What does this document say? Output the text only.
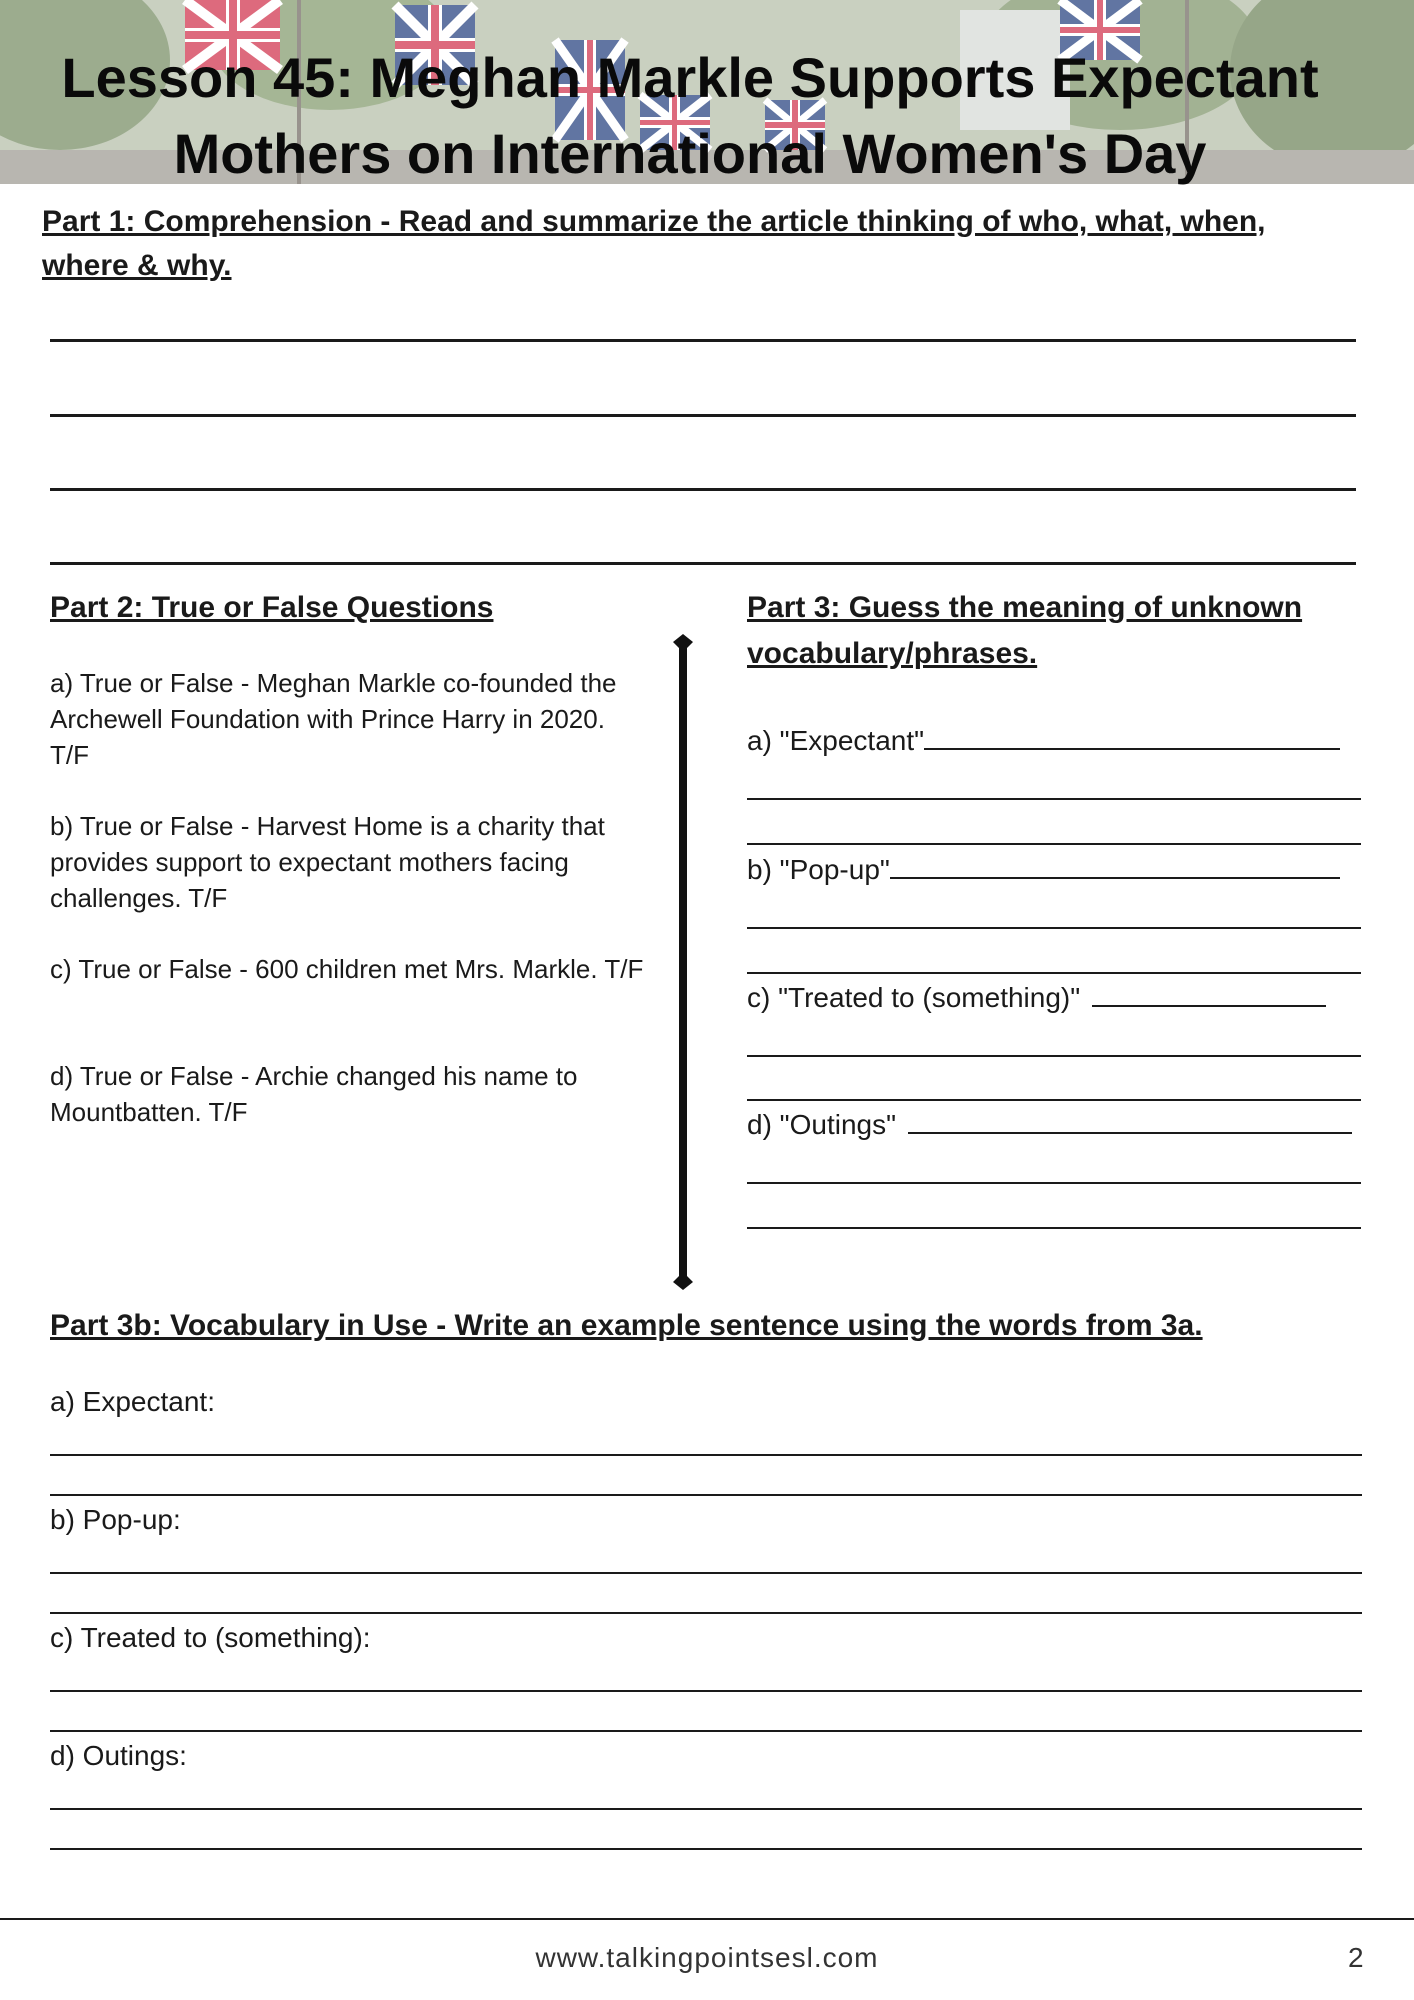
Lesson 45: Meghan Markle Supports Expectant Mothers on International Women's Day

Part 1: Comprehension - Read and summarize the article thinking of who, what, when, where & why.

Part 2: True or False Questions

a) True or False - Meghan Markle co-founded the Archewell Foundation with Prince Harry in 2020. T/F

b) True or False - Harvest Home is a charity that provides support to expectant mothers facing challenges. T/F

c) True or False - 600 children met Mrs. Markle. T/F

d) True or False - Archie changed his name to Mountbatten. T/F

Part 3: Guess the meaning of unknown vocabulary/phrases.

a) "Expectant"
b) "Pop-up"
c) "Treated to (something)"
d) "Outings"

Part 3b: Vocabulary in Use - Write an example sentence using the words from 3a.

a) Expectant:

b) Pop-up:

c) Treated to (something):

d) Outings:

www.talkingpointsesl.com	2
